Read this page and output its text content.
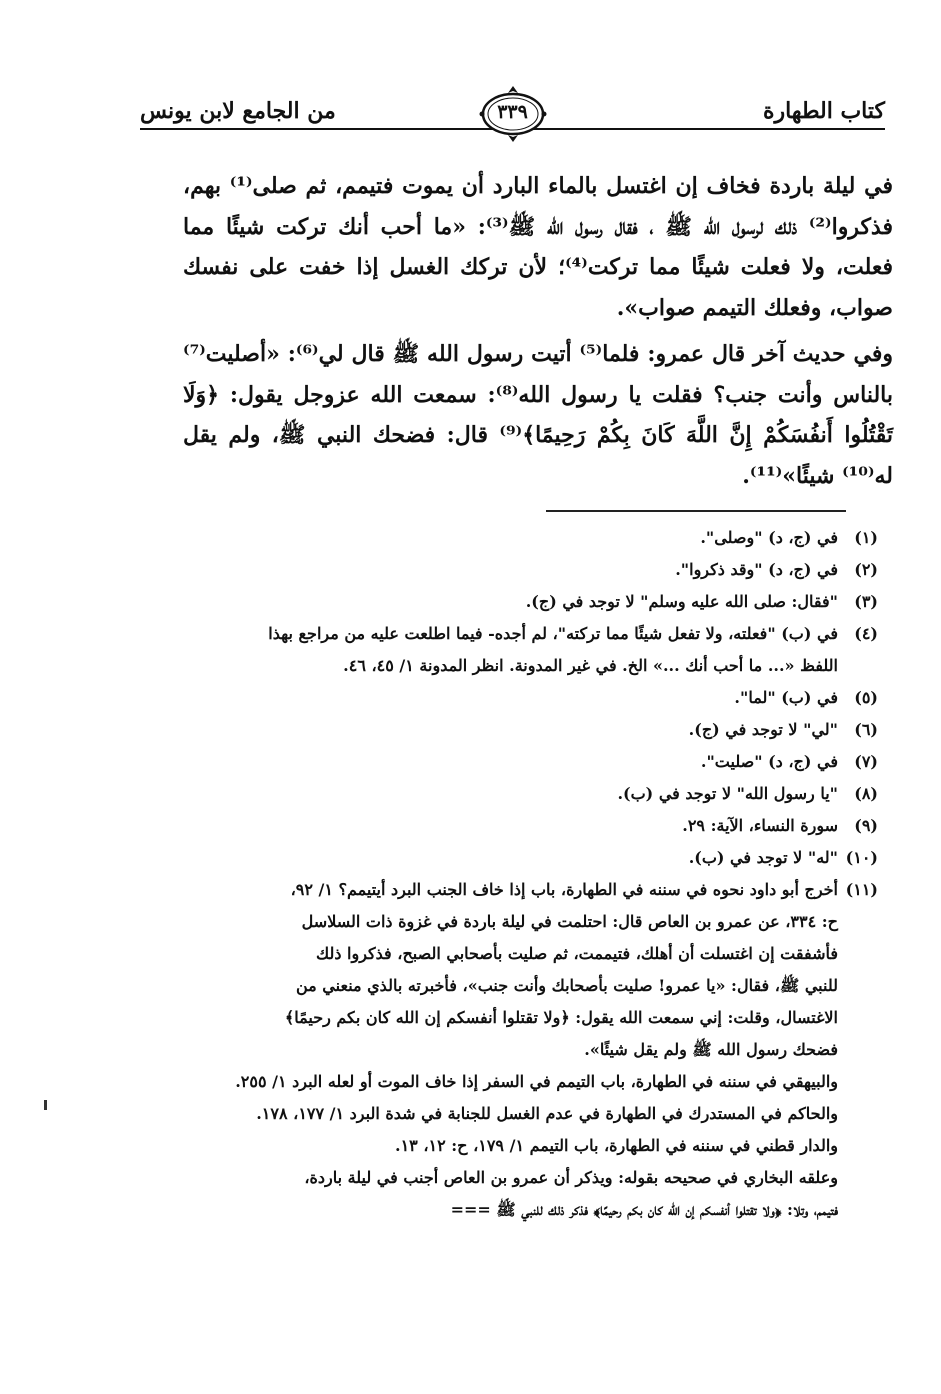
كتاب الطهارة
من الجامع لابن يونس	٣٣٩

في ليلة باردة فخاف إن اغتسل بالماء البارد أن يموت فتيمم، ثم صلى⁽¹⁾ بهم، فذكروا⁽²⁾ ذلك لرسول الله ﷺ ، فقال رسول الله ﷺ⁽³⁾: «ما أحب أنك تركت شيئًا مما فعلت، ولا فعلت شيئًا مما تركت⁽⁴⁾؛ لأن تركك الغسل إذا خفت على نفسك صواب، وفعلك التيمم صواب».

وفي حديث آخر قال عمرو: فلما⁽⁵⁾ أتيت رسول الله ﷺ قال لي⁽⁶⁾: «أصليت⁽⁷⁾ بالناس وأنت جنب؟ فقلت يا رسول الله⁽⁸⁾: سمعت الله عزوجل يقول: ﴿وَلَا تَقْتُلُوا أَنفُسَكُمْ إِنَّ اللَّهَ كَانَ بِكُمْ رَحِيمًا﴾⁽⁹⁾ قال: فضحك النبي ﷺ، ولم يقل له⁽¹⁰⁾ شيئًا»⁽¹¹⁾.

(١)
في (ج، د) "وصلى".
(٢)
في (ج، د) "وقد ذكروا".
(٣)
"فقال: صلى الله عليه وسلم" لا توجد في (ج).
(٤)
في (ب) "فعلته، ولا تفعل شيئًا مما تركته"، لم أجده- فيما اطلعت عليه من مراجع بهذا
اللفظ «... ما أحب أنك ...» الخ. في غير المدونة. انظر المدونة ١/ ٤٥، ٤٦.
(٥)
في (ب) "لما".
(٦)
"لي" لا توجد في (ج).
(٧)
في (ج، د) "صليت".
(٨)
"يا رسول الله" لا توجد في (ب).
(٩)
سورة النساء، الآية: ٢٩.
(١٠)
"له" لا توجد في (ب).
(١١)
أخرج أبو داود نحوه في سننه في الطهارة، باب إذا خاف الجنب البرد أيتيمم؟ ١/ ٩٢،
ح: ٣٣٤، عن عمرو بن العاص قال: احتلمت في ليلة باردة في غزوة ذات السلاسل
فأشفقت إن اغتسلت أن أهلك، فتيممت، ثم صليت بأصحابي الصبح، فذكروا ذلك
للنبي ﷺ، فقال: «يا عمرو! صليت بأصحابك وأنت جنب»، فأخبرته بالذي منعني من
الاغتسال، وقلت: إني سمعت الله يقول: ﴿ولا تقتلوا أنفسكم إن الله كان بكم رحيمًا﴾
فضحك رسول الله ﷺ ولم يقل شيئًا».
والبيهقي في سننه في الطهارة، باب التيمم في السفر إذا خاف الموت أو لعله البرد ١/ ٢٥٥.
والحاكم في المستدرك في الطهارة في عدم الغسل للجنابة في شدة البرد ١/ ١٧٧، ١٧٨.
والدار قطني في سننه في الطهارة، باب التيمم ١/ ١٧٩، ح: ١٢، ١٣.
وعلقه البخاري في صحيحه بقوله: ويذكر أن عمرو بن العاص أجنب في ليلة باردة،
فتيمم، وتلا: ﴿ولا تقتلوا أنفسكم إن الله كان بكم رحيمًا﴾ فذكر ذلك للنبي ﷺ ===
